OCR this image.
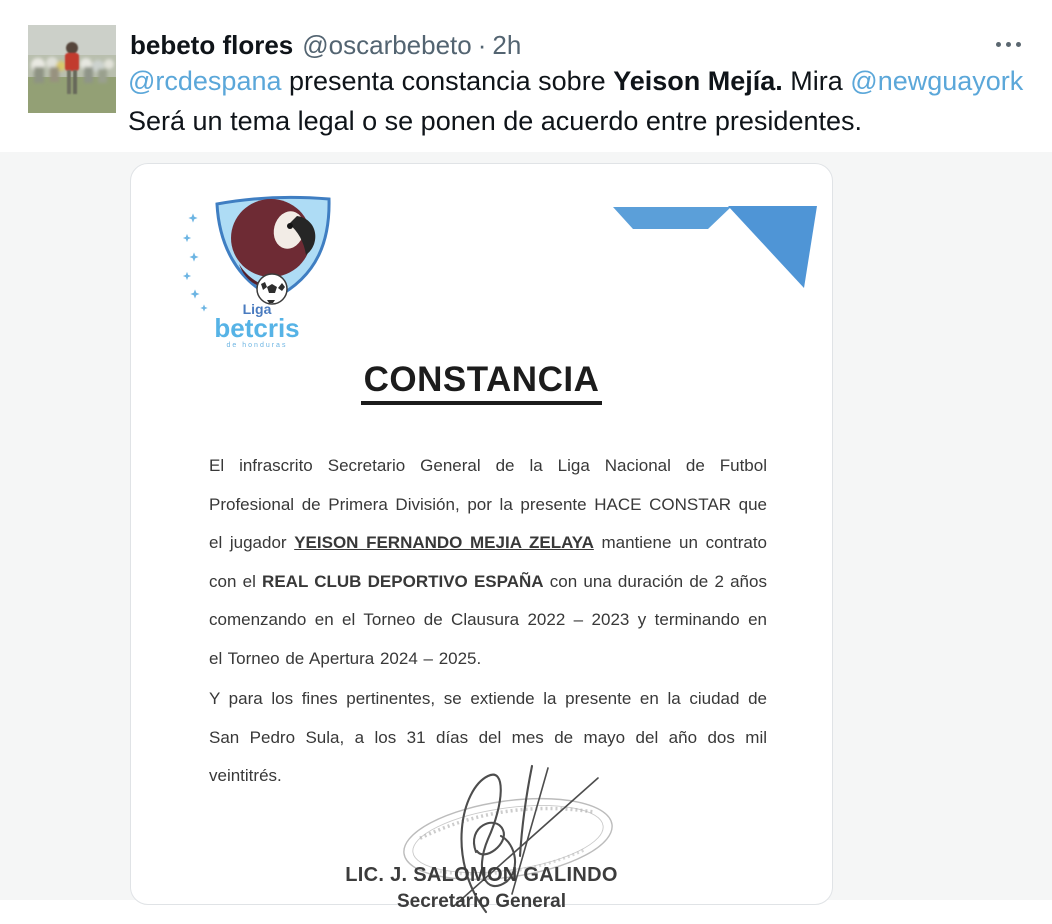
bebeto flores @oscarbebeto · 2h
@rcdespana presenta constancia sobre Yeison Mejía. Mira @newguayork
Será un tema legal o se ponen de acuerdo entre presidentes.
Liga
betcris
de honduras
CONSTANCIA
El infrascrito Secretario General de la Liga Nacional de Futbol
Profesional de Primera División, por la presente HACE CONSTAR que
el jugador YEISON FERNANDO MEJIA ZELAYA mantiene un contrato
con el REAL CLUB DEPORTIVO ESPAÑA con una duración de 2 años
comenzando en el Torneo de Clausura 2022 – 2023 y terminando en
el Torneo de Apertura 2024 – 2025.
Y para los fines pertinentes, se extiende la presente en la ciudad de
San Pedro Sula, a los 31 días del mes de mayo del año dos mil
veintitrés.
LIC. J. SALOMON GALINDO
Secretario General
